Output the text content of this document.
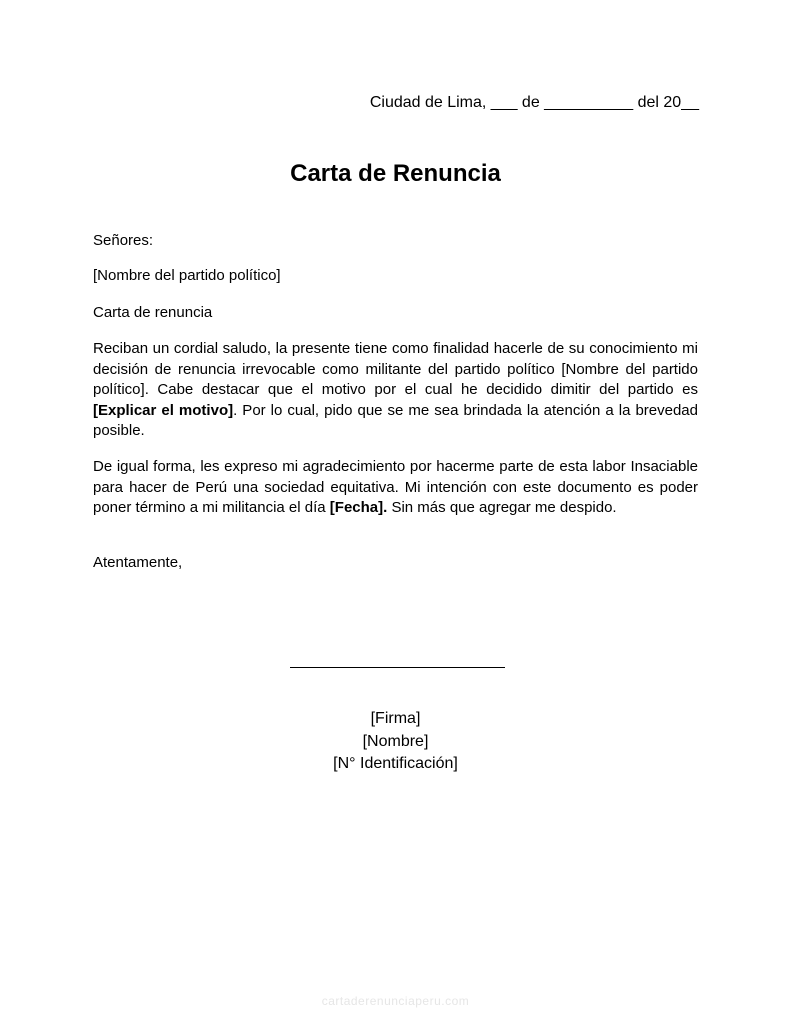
Ciudad de Lima, ___ de __________ del 20__
Carta de Renuncia
Señores:
[Nombre del partido político]
Carta de renuncia

Reciban un cordial saludo, la presente tiene como finalidad hacerle de su conocimiento mi decisión de renuncia irrevocable como militante del partido político [Nombre del partido político]. Cabe destacar que el motivo por el cual he decidido dimitir del partido es [Explicar el motivo]. Por lo cual, pido que se me sea brindada la atención a la brevedad posible.

De igual forma, les expreso mi agradecimiento por hacerme parte de esta labor Insaciable para hacer de Perú una sociedad equitativa. Mi intención con este documento es poder poner término a mi militancia el día [Fecha]. Sin más que agregar me despido.

Atentamente,
[Firma]
[Nombre]
[N° Identificación]
cartaderenunciaperu.com
